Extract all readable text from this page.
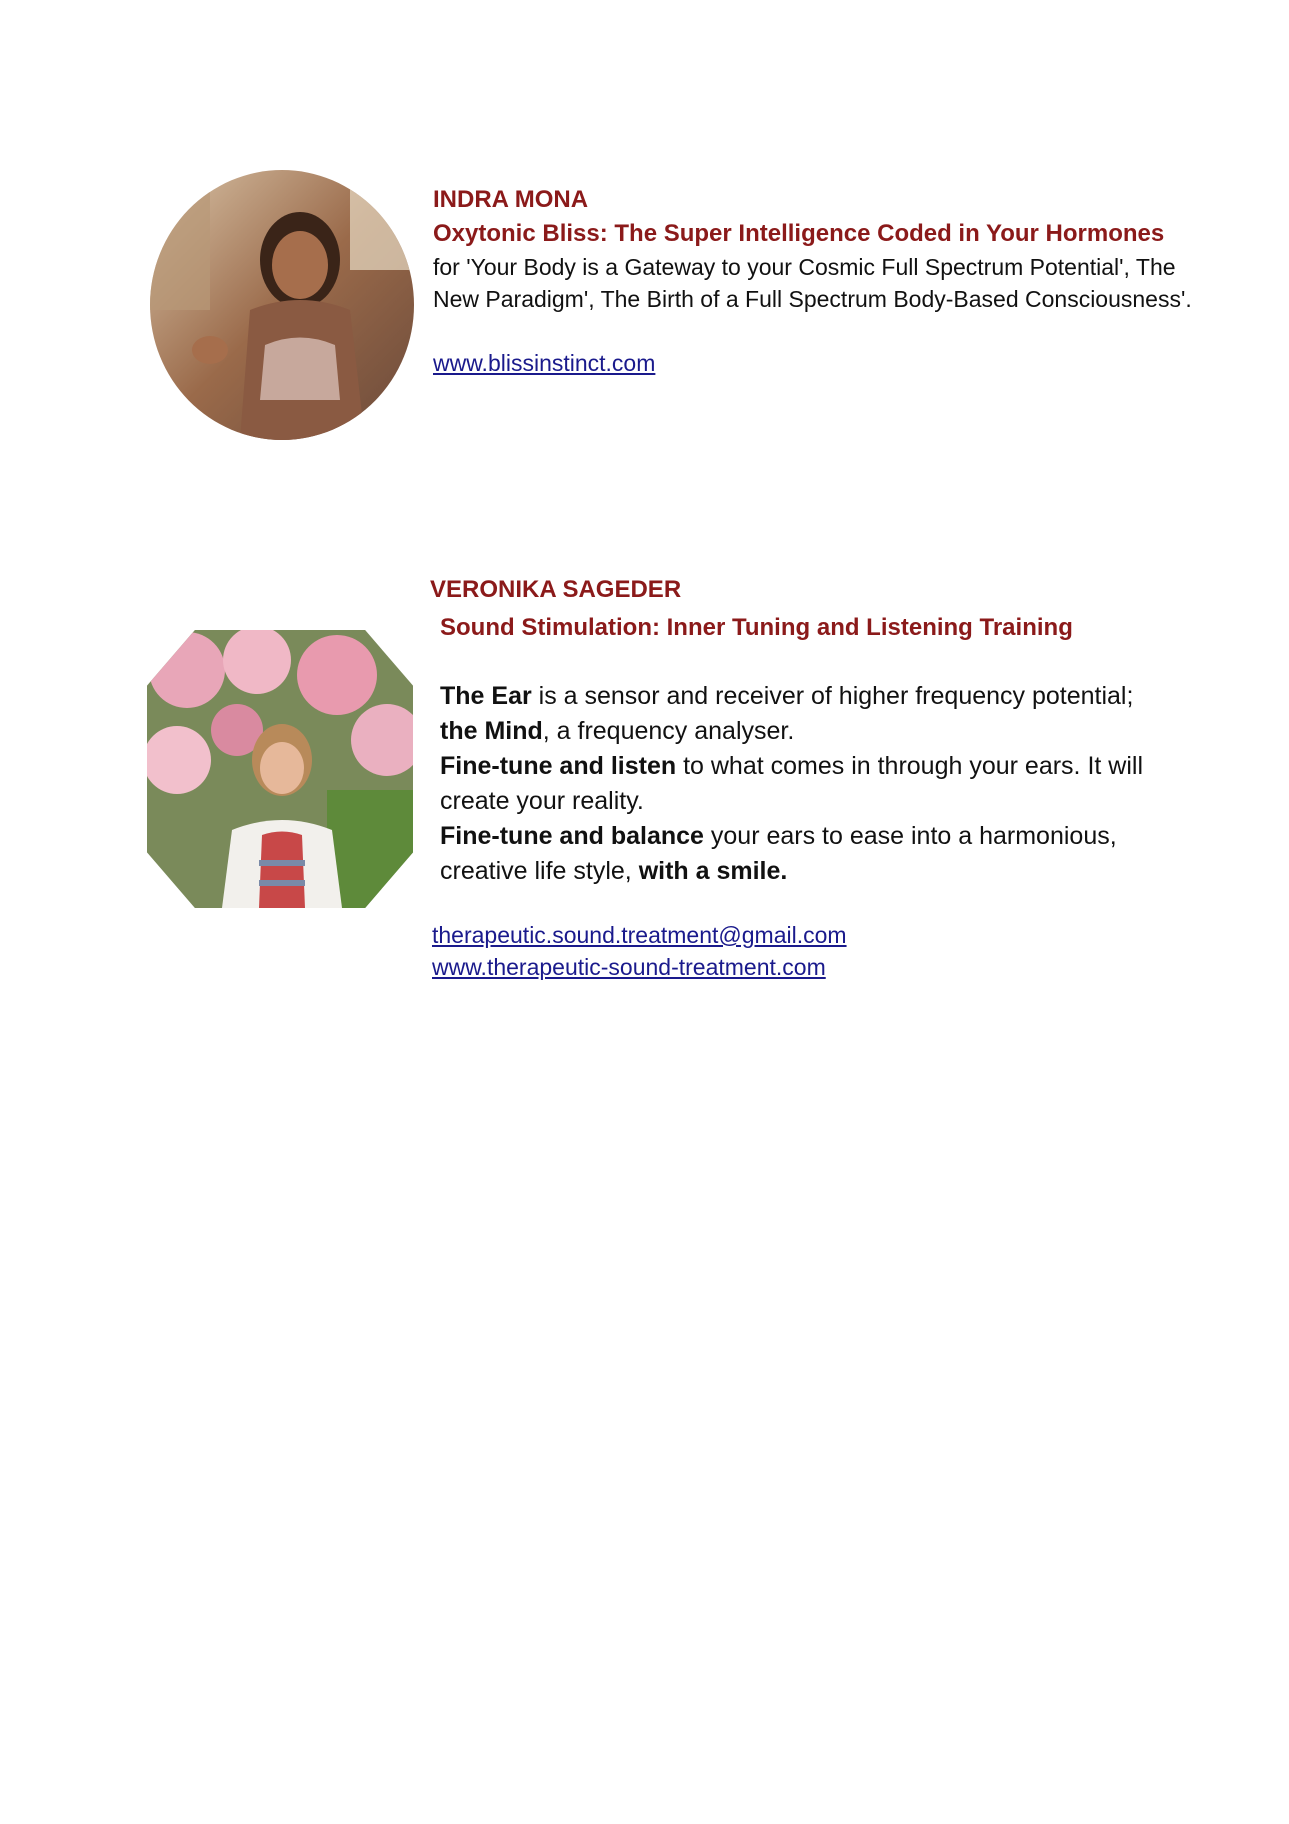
INDRA MONA
Oxytonic Bliss: The Super Intelligence Coded in Your Hormones
for 'Your Body is a Gateway to your Cosmic Full Spectrum Potential', The New Paradigm', The Birth of a Full Spectrum Body-Based Consciousness'.
www.blissinstinct.com
VERONIKA SAGEDER
Sound Stimulation: Inner Tuning and Listening Training

The Ear is a sensor and receiver of higher frequency potential;

the Mind, a frequency analyser.

Fine-tune and listen to what comes in through your ears. It will create your reality.

Fine-tune and balance your ears to ease into a harmonious, creative life style, with a smile.

therapeutic.sound.treatment@gmail.com
www.therapeutic-sound-treatment.com
